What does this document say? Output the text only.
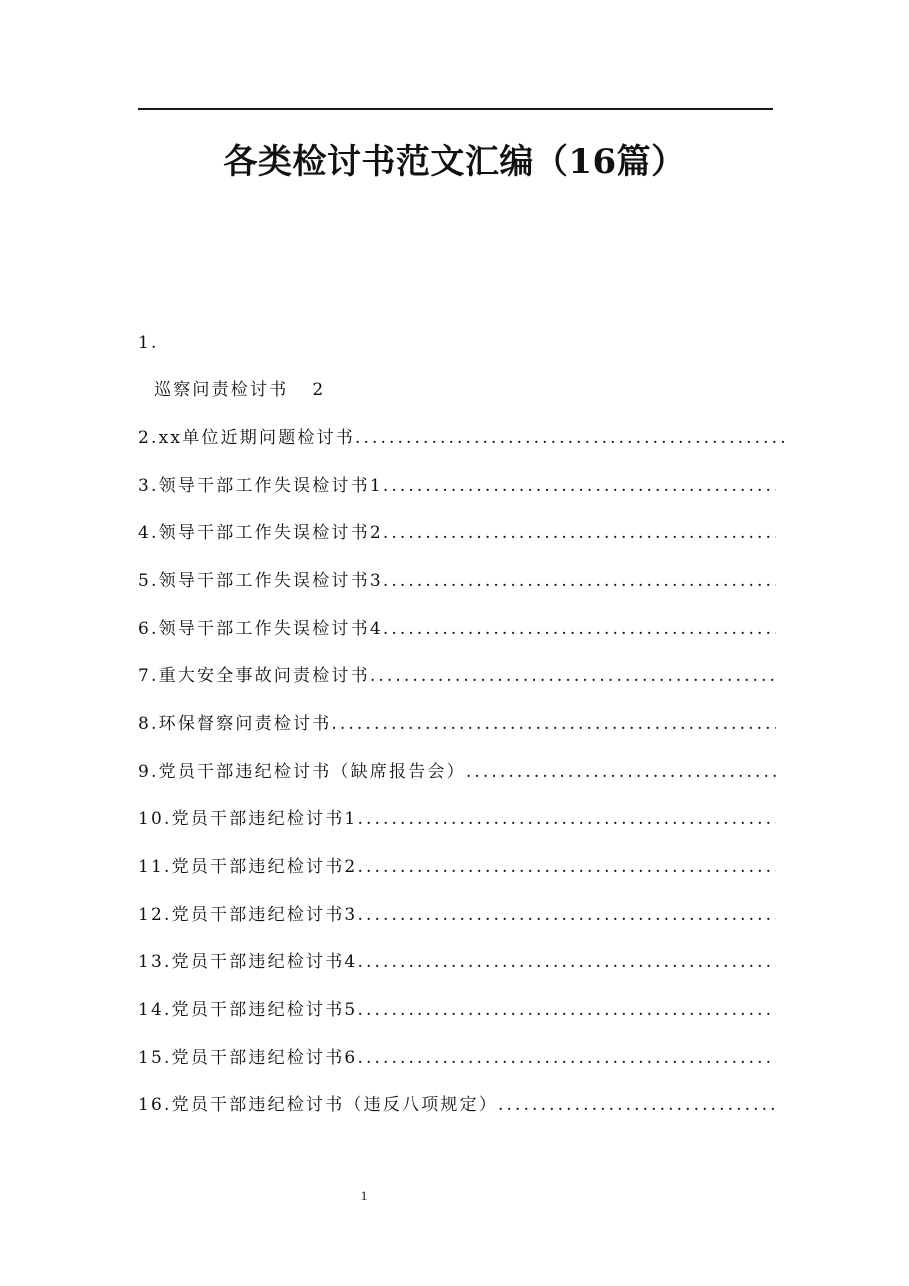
各类检讨书范文汇编（16篇）
1.
巡察问责检讨书 2
2.xx单位近期问题检讨书
.....
3.领导干部工作失误检讨书1
.....
4.领导干部工作失误检讨书2
.....
5.领导干部工作失误检讨书3
.....
6.领导干部工作失误检讨书4
.....
7.重大安全事故问责检讨书
.....
8.环保督察问责检讨书
.....
9.党员干部违纪检讨书（缺席报告会）
.....
10.党员干部违纪检讨书1
.....
11.党员干部违纪检讨书2
.....
12.党员干部违纪检讨书3
.....
13.党员干部违纪检讨书4
.....
14.党员干部违纪检讨书5
.....
15.党员干部违纪检讨书6
.....
16.党员干部违纪检讨书（违反八项规定）
.....
1
